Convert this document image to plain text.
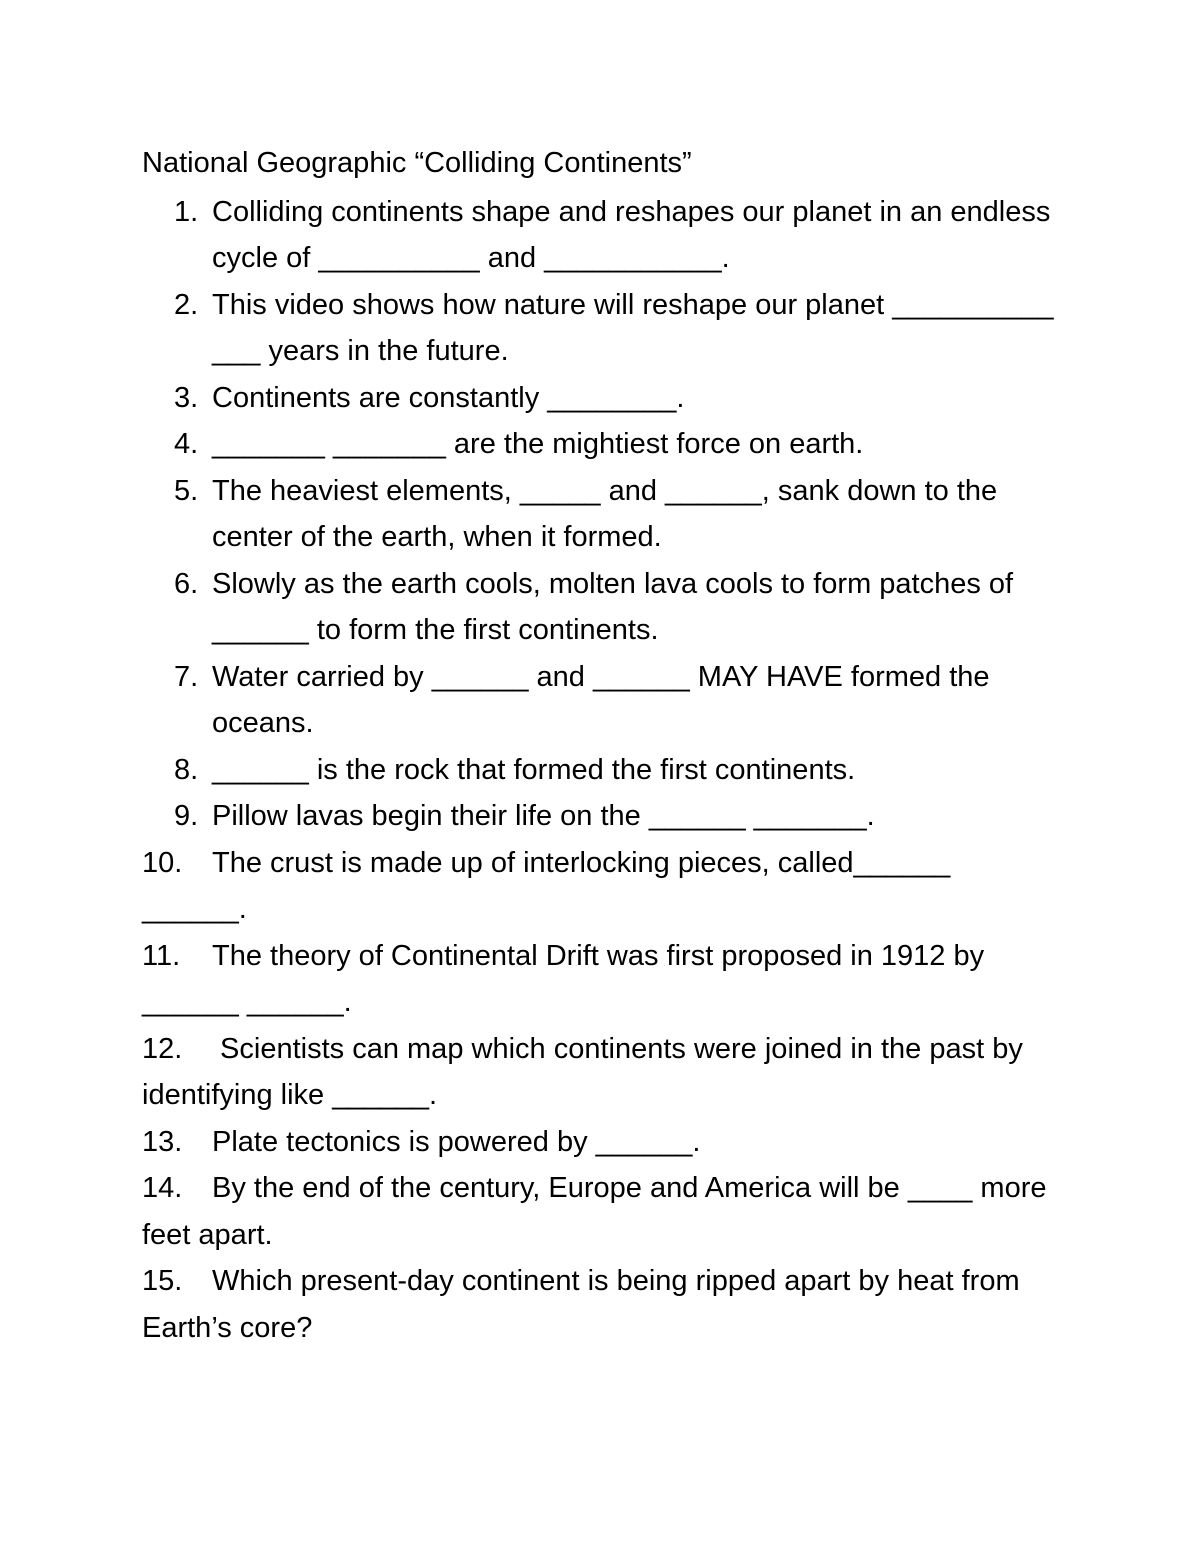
National Geographic “Colliding Continents”
1. Colliding continents shape and reshapes our planet in an endless cycle of __________ and ___________.
2. This video shows how nature will reshape our planet __________ ___ years in the future.
3. Continents are constantly ________.
4. _______ _______ are the mightiest force on earth.
5. The heaviest elements, _____ and ______, sank down to the center of the earth, when it formed.
6. Slowly as the earth cools, molten lava cools to form patches of ______ to form the first continents.
7. Water carried by ______ and ______ MAY HAVE formed the oceans.
8. ______ is the rock that formed the first continents.
9. Pillow lavas begin their life on the ______ _______.
10. The crust is made up of interlocking pieces, called______ ______.
11. The theory of Continental Drift was first proposed in 1912 by ______ ______.
12. Scientists can map which continents were joined in the past by identifying like ______.
13. Plate tectonics is powered by ______.
14. By the end of the century, Europe and America will be ____ more feet apart.
15. Which present-day continent is being ripped apart by heat from Earth’s core?
